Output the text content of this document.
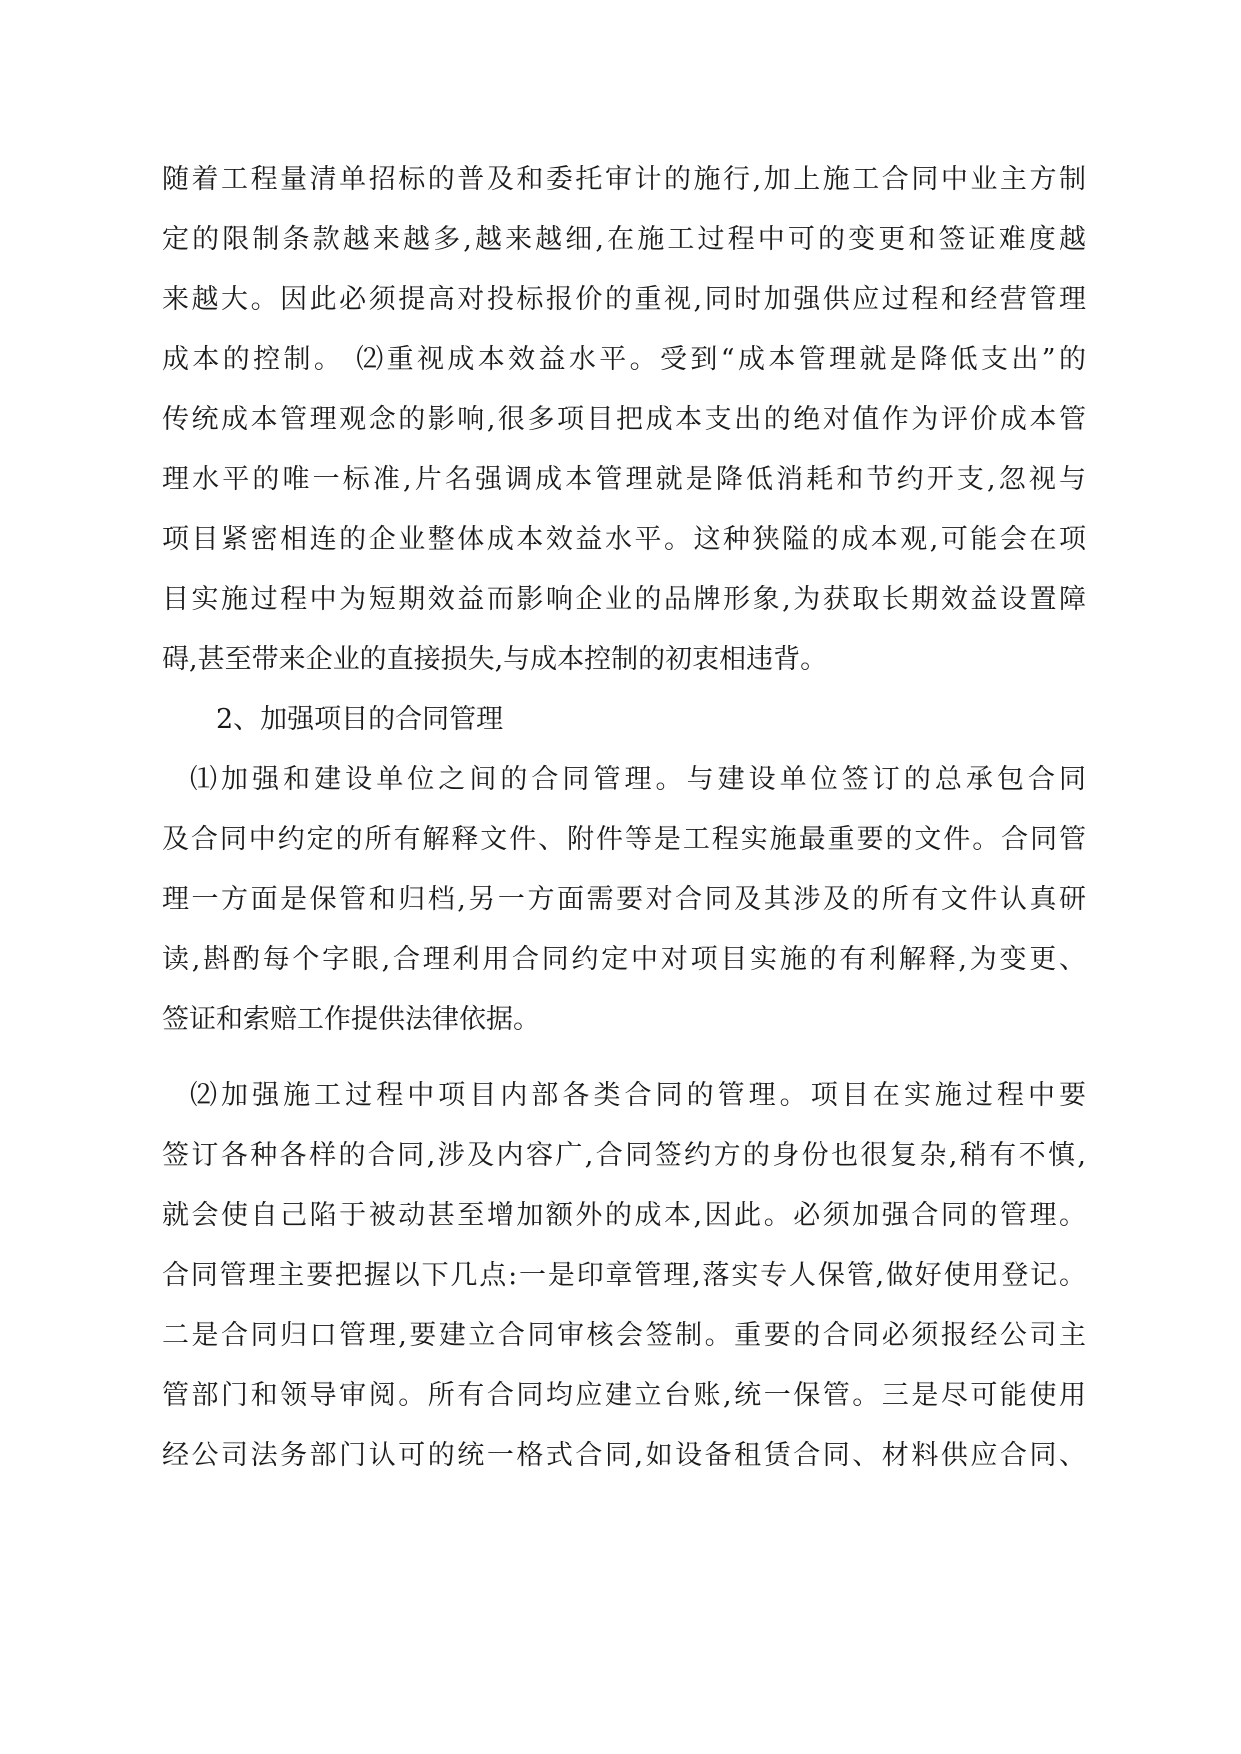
随着工程量清单招标的普及和委托审计的施行,加上施工合同中业主方制
定的限制条款越来越多,越来越细,在施工过程中可的变更和签证难度越
来越大。因此必须提高对投标报价的重视,同时加强供应过程和经营管理
成本的控制。 ⑵重视成本效益水平。受到“成本管理就是降低支出”的
传统成本管理观念的影响,很多项目把成本支出的绝对值作为评价成本管
理水平的唯一标准,片名强调成本管理就是降低消耗和节约开支,忽视与
项目紧密相连的企业整体成本效益水平。这种狭隘的成本观,可能会在项
目实施过程中为短期效益而影响企业的品牌形象,为获取长期效益设置障
碍,甚至带来企业的直接损失,与成本控制的初衷相违背。
2、加强项目的合同管理
⑴加强和建设单位之间的合同管理。与建设单位签订的总承包合同
及合同中约定的所有解释文件、附件等是工程实施最重要的文件。合同管
理一方面是保管和归档,另一方面需要对合同及其涉及的所有文件认真研
读,斟酌每个字眼,合理利用合同约定中对项目实施的有利解释,为变更、
签证和索赔工作提供法律依据。
⑵加强施工过程中项目内部各类合同的管理。项目在实施过程中要
签订各种各样的合同,涉及内容广,合同签约方的身份也很复杂,稍有不慎,
就会使自己陷于被动甚至增加额外的成本,因此。必须加强合同的管理。
合同管理主要把握以下几点:一是印章管理,落实专人保管,做好使用登记。
二是合同归口管理,要建立合同审核会签制。重要的合同必须报经公司主
管部门和领导审阅。所有合同均应建立台账,统一保管。三是尽可能使用
经公司法务部门认可的统一格式合同,如设备租赁合同、材料供应合同、
